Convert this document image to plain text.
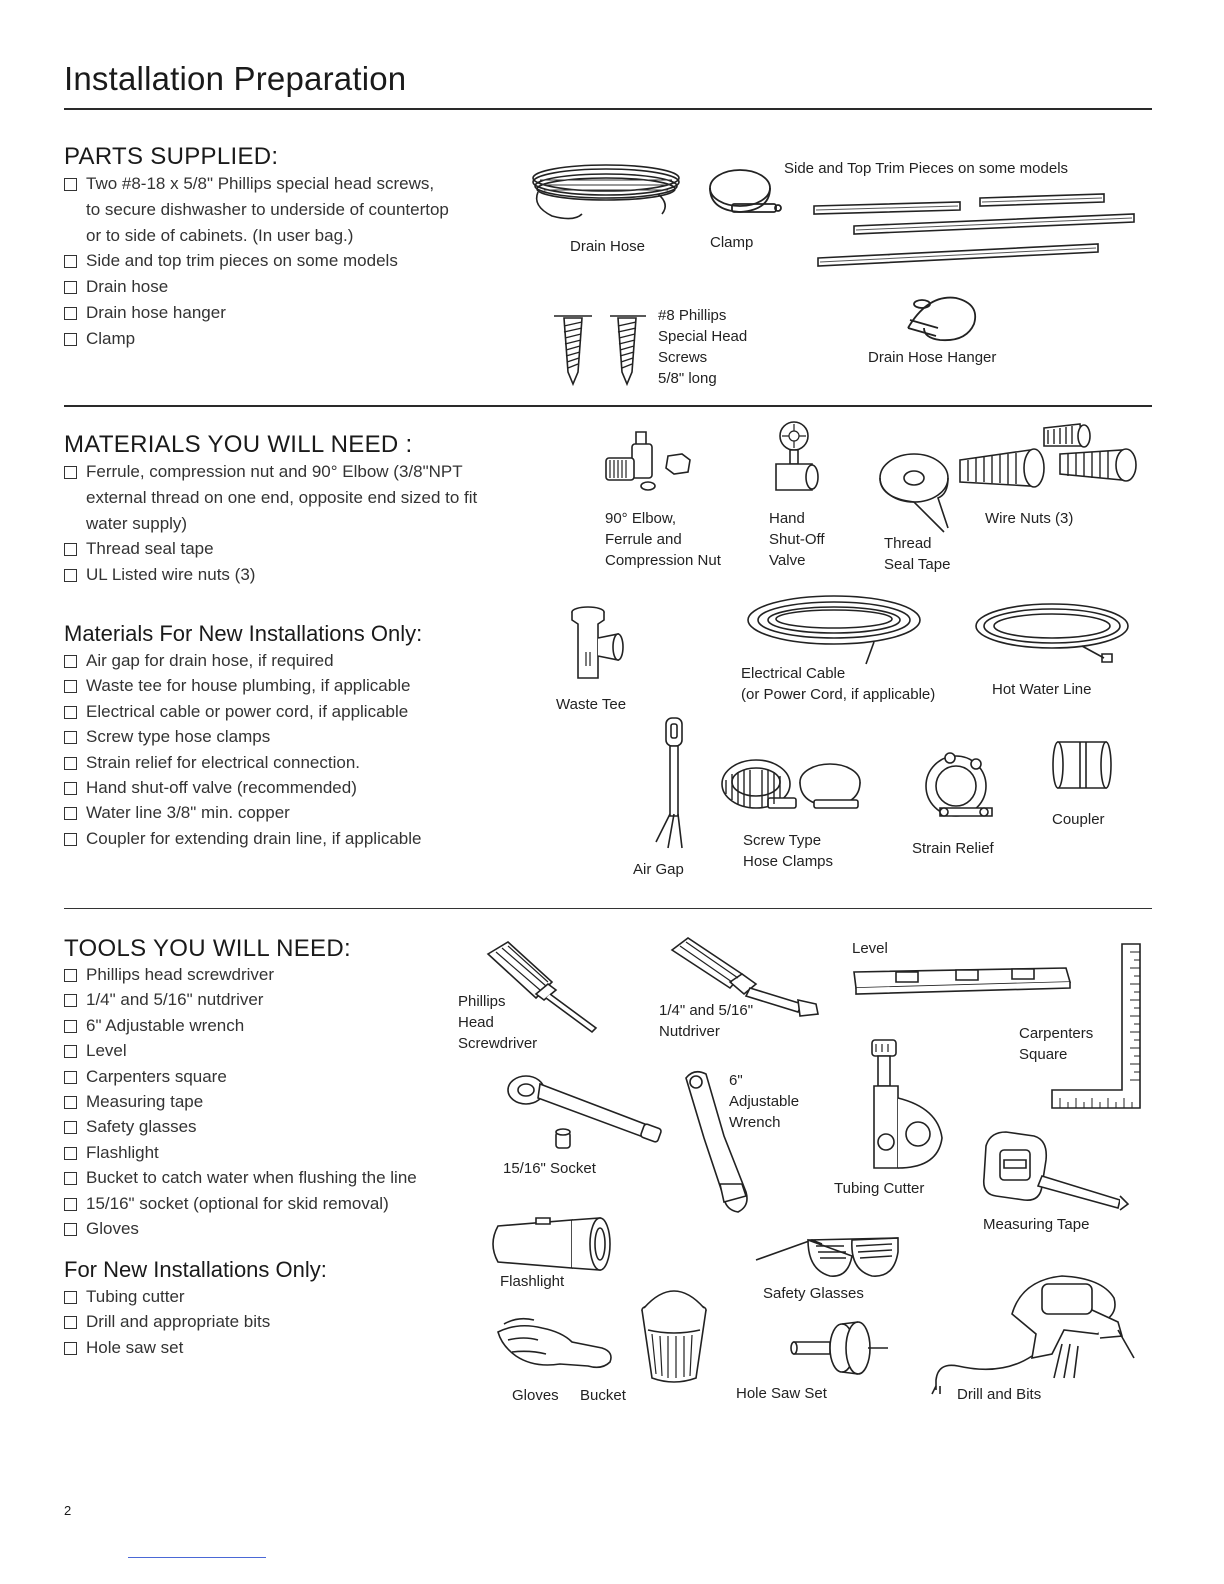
Installation Preparation
PARTS SUPPLIED:
Two #8-18 x 5/8" Phillips special head screws,
to secure dishwasher to underside of countertop
or to side of cabinets. (In user bag.)
Side and top trim pieces on some models
Drain hose
Drain hose hanger
Clamp
Drain Hose	Clamp
Side and Top Trim Pieces on some models
#8 Phillips
Special Head
Screws
5/8" long
Drain Hose Hanger
MATERIALS YOU WILL NEED :
Ferrule, compression nut and 90° Elbow (3/8"NPT
external thread on one end, opposite end sized to fit
water supply)
Thread seal tape
UL Listed wire nuts (3)
90° Elbow,
Ferrule and
Compression Nut
Hand
Shut-Off
Valve
Thread
Seal Tape
Wire Nuts (3)
Materials For New Installations Only:
Air gap for drain hose, if required
Waste tee for house plumbing, if applicable
Electrical cable or power cord, if applicable
Screw type hose clamps
Strain relief for electrical connection.
Hand shut-off valve (recommended)
Water line 3/8" min. copper
Coupler for extending drain line, if applicable
Waste Tee
Electrical Cable
(or Power Cord, if applicable)	Hot Water Line
Air Gap
Screw Type
Hose Clamps
Strain Relief
Coupler
TOOLS YOU WILL NEED:
Phillips head screwdriver
1/4" and 5/16" nutdriver
6" Adjustable wrench
Level
Carpenters square
Measuring tape
Safety glasses
Flashlight
Bucket to catch water when flushing the line
15/16" socket (optional for skid removal)
Gloves
For New Installations Only:
Tubing cutter
Drill and appropriate bits
Hole saw set
Phillips
Head
Screwdriver
1/4" and 5/16"
Nutdriver
Level
Carpenters
Square
15/16" Socket
6"
Adjustable
Wrench
Tubing Cutter
Measuring Tape
Flashlight
Safety Glasses
Gloves Bucket	Hole Saw Set	Drill and Bits
2
